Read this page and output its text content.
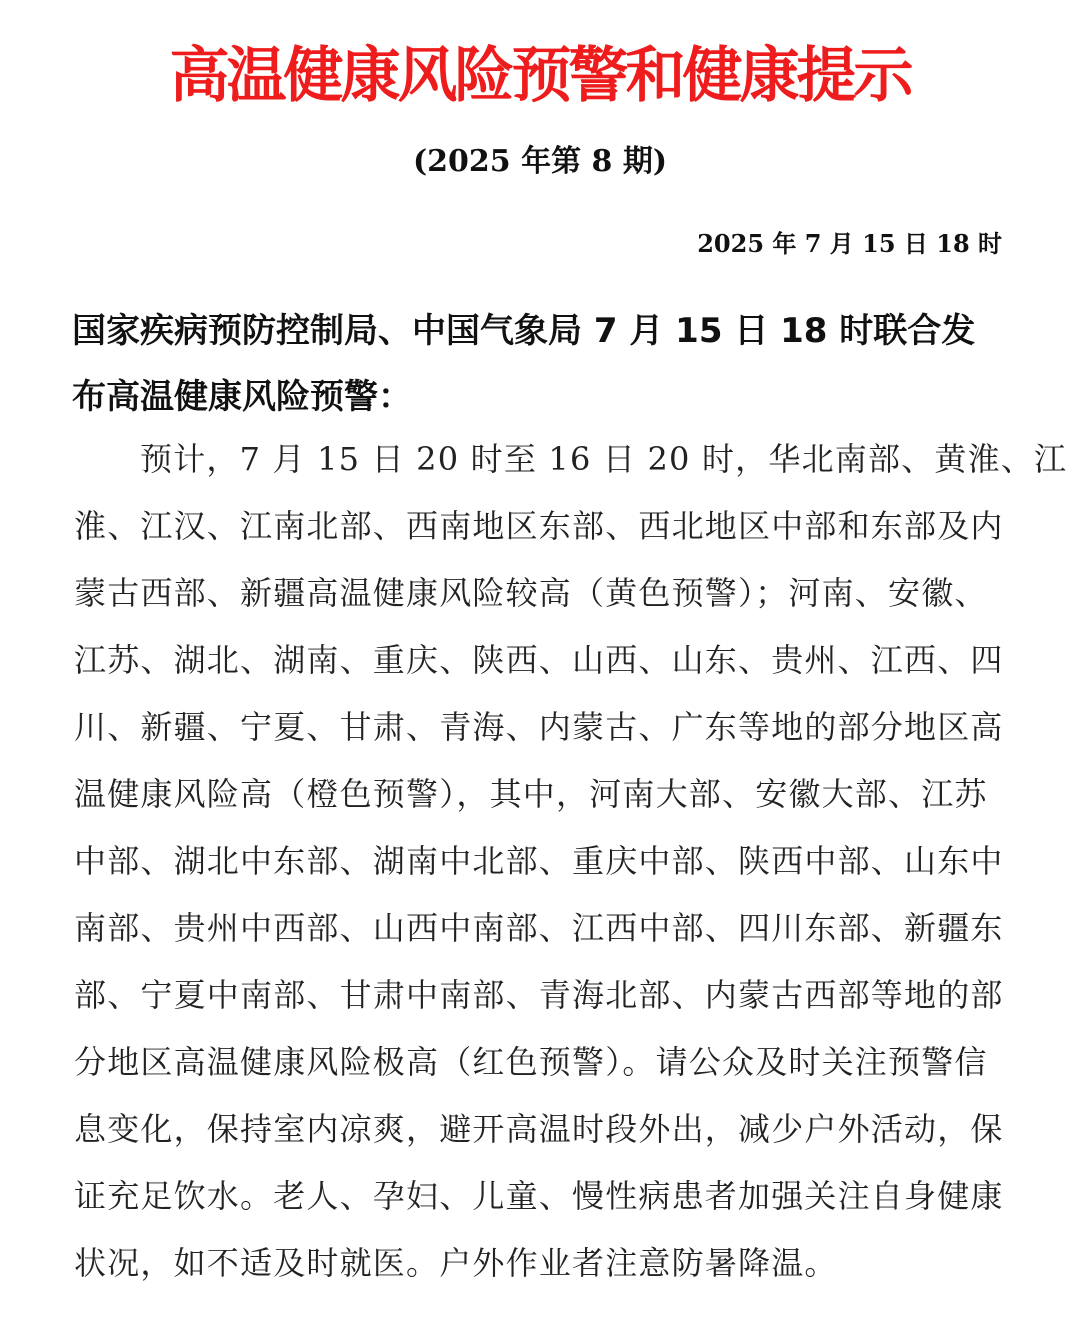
高温健康风险预警和健康提示
(2025 年第 8 期)
2025 年 7 月 15 日 18 时
国家疾病预防控制局、中国气象局 7 月 15 日 18 时联合发
布高温健康风险预警：
预计，7 月 15 日 20 时至 16 日 20 时，华北南部、黄淮、江
淮、江汉、江南北部、西南地区东部、西北地区中部和东部及内
蒙古西部、新疆高温健康风险较高（黄色预警）；河南、安徽、
江苏、湖北、湖南、重庆、陕西、山西、山东、贵州、江西、四
川、新疆、宁夏、甘肃、青海、内蒙古、广东等地的部分地区高
温健康风险高（橙色预警），其中，河南大部、安徽大部、江苏
中部、湖北中东部、湖南中北部、重庆中部、陕西中部、山东中
南部、贵州中西部、山西中南部、江西中部、四川东部、新疆东
部、宁夏中南部、甘肃中南部、青海北部、内蒙古西部等地的部
分地区高温健康风险极高（红色预警）。请公众及时关注预警信
息变化，保持室内凉爽，避开高温时段外出，减少户外活动，保
证充足饮水。老人、孕妇、儿童、慢性病患者加强关注自身健康
状况，如不适及时就医。户外作业者注意防暑降温。
